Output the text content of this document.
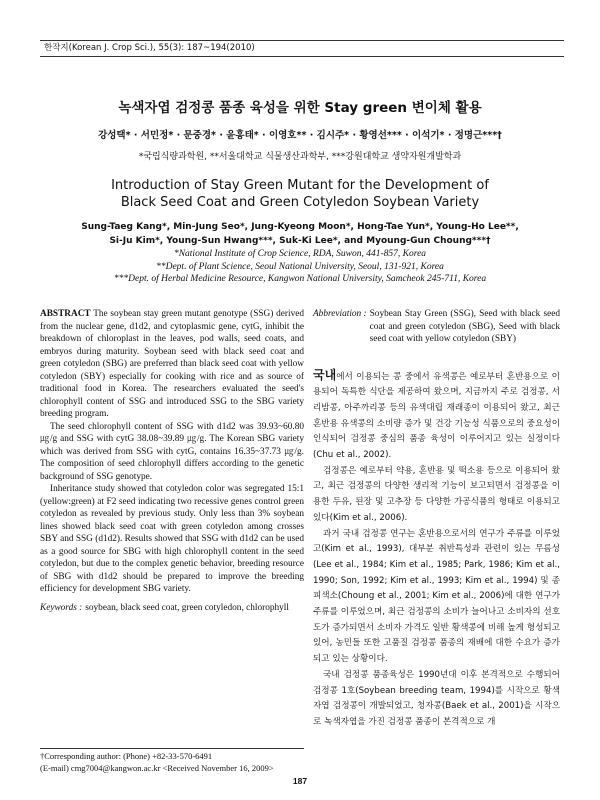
한작지(Korean J. Crop Sci.), 55(3): 187~194(2010)
녹색자엽 검정콩 품종 육성을 위한 Stay green 변이체 활용
강성택* · 서민정* · 문중경* · 윤홍태* · 이영호** · 김시주* · 황영선*** · 이석기* · 정명근***†
*국립식량과학원, **서울대학교 식물생산과학부, ***강원대학교 생약자원개발학과
Introduction of Stay Green Mutant for the Development of
Black Seed Coat and Green Cotyledon Soybean Variety
Sung-Taeg Kang*, Min-Jung Seo*, Jung-Kyeong Moon*, Hong-Tae Yun*, Young-Ho Lee**,
Si-Ju Kim*, Young-Sun Hwang***, Suk-Ki Lee*, and Myoung-Gun Choung***†
*National Institute of Crop Science, RDA, Suwon, 441-857, Korea
**Dept. of Plant Science, Seoul National University, Seoul, 131-921, Korea
***Dept. of Herbal Medicine Resource, Kangwon National University, Samcheok 245-711, Korea

ABSTRACT The soybean stay green mutant genotype (SSG) derived from the nuclear gene, d1d2, and cytoplasmic gene, cytG, inhibit the breakdown of chloroplast in the leaves, pod walls, seed coats, and embryos during maturity. Soybean seed with black seed coat and green cotyledon (SBG) are preferred than black seed coat with yellow cotyledon (SBY) especially for cooking with rice and as source of traditional food in Korea. The researchers evaluated the seed's chlorophyll content of SSG and introduced SSG to the SBG variety breeding program.

The seed chlorophyll content of SSG with d1d2 was 39.93~60.80 ㎍/g and SSG with cytG 38.08~39.89 ㎍/g. The Korean SBG variety which was derived from SSG with cytG, contains 16.35~37.73 ㎍/g. The composition of seed chlorophyll differs according to the genetic background of SSG genotype.

Inheritance study showed that cotyledon color was segregated 15:1 (yellow:green) at F2 seed indicating two recessive genes control green cotyledon as revealed by previous study. Only less than 3% soybean lines showed black seed coat with green cotyledon among crosses SBY and SSG (d1d2). Results showed that SSG with d1d2 can be used as a good source for SBG with high chlorophyll content in the seed cotyledon, but due to the complex genetic behavior, breeding resource of SBG with d1d2 should be prepared to improve the breeding efficiency for development SBG variety.

Keywords : soybean, black seed coat, green cotyledon, chlorophyll

†Corresponding author: (Phone) +82-33-570-6491
(E-mail) cmg7004@kangwon.ac.kr <Received November 16, 2009>

Abbreviation : Soybean Stay Green (SSG), Seed with black seed coat and green cotyledon (SBG), Seed with black seed coat with yellow cotyledon (SBY)

국내에서 이용되는 콩 중에서 유색콩은 예로부터 혼반용으로 이용되어 독특한 식단을 제공하여 왔으며, 지금까지 주로 검정콩, 서리밤콩, 아주까리콩 등의 유색대립 재래종이 이용되어 왔고, 최근 혼반용 유색콩의 소비량 증가 및 건강 기능성 식품으로의 중요성이 인식되어 검정콩 중심의 품종 육성이 이루어지고 있는 실정이다(Chu et al., 2002).

검정콩은 예로부터 약용, 혼반용 및 떡소용 등으로 이용되어 왔고, 최근 검정콩의 다양한 생리적 기능이 보고되면서 검정콩을 이용한 두유, 된장 및 고추장 등 다양한 가공식품의 형태로 이용되고 있다(Kim et al., 2006).

과거 국내 검정콩 연구는 혼반용으로서의 연구가 주류를 이루었고(Kim et al., 1993), 대부분 취반특성과 관련이 있는 무름성(Lee et al., 1984; Kim et al., 1985; Park, 1986; Kim et al., 1990; Son, 1992; Kim et al., 1993; Kim et al., 1994) 및 종피색소(Choung et al., 2001; Kim et al., 2006)에 대한 연구가 주류를 이루었으며, 최근 검정콩의 소비가 늘어나고 소비자의 선호도가 증가되면서 소비자 가격도 일반 황색콩에 비해 높게 형성되고 있어, 농민들 또한 고품질 검정콩 품종의 재배에 대한 수요가 증가되고 있는 상황이다.

국내 검정콩 품종육성은 1990년대 이후 본격적으로 수행되어 검정콩 1호(Soybean breeding team, 1994)를 시작으로 황색자엽 검정콩이 개발되었고, 청자콩(Baek et al., 2001)을 시작으로 녹색자엽을 가진 검정콩 품종이 본격적으로 개

187
